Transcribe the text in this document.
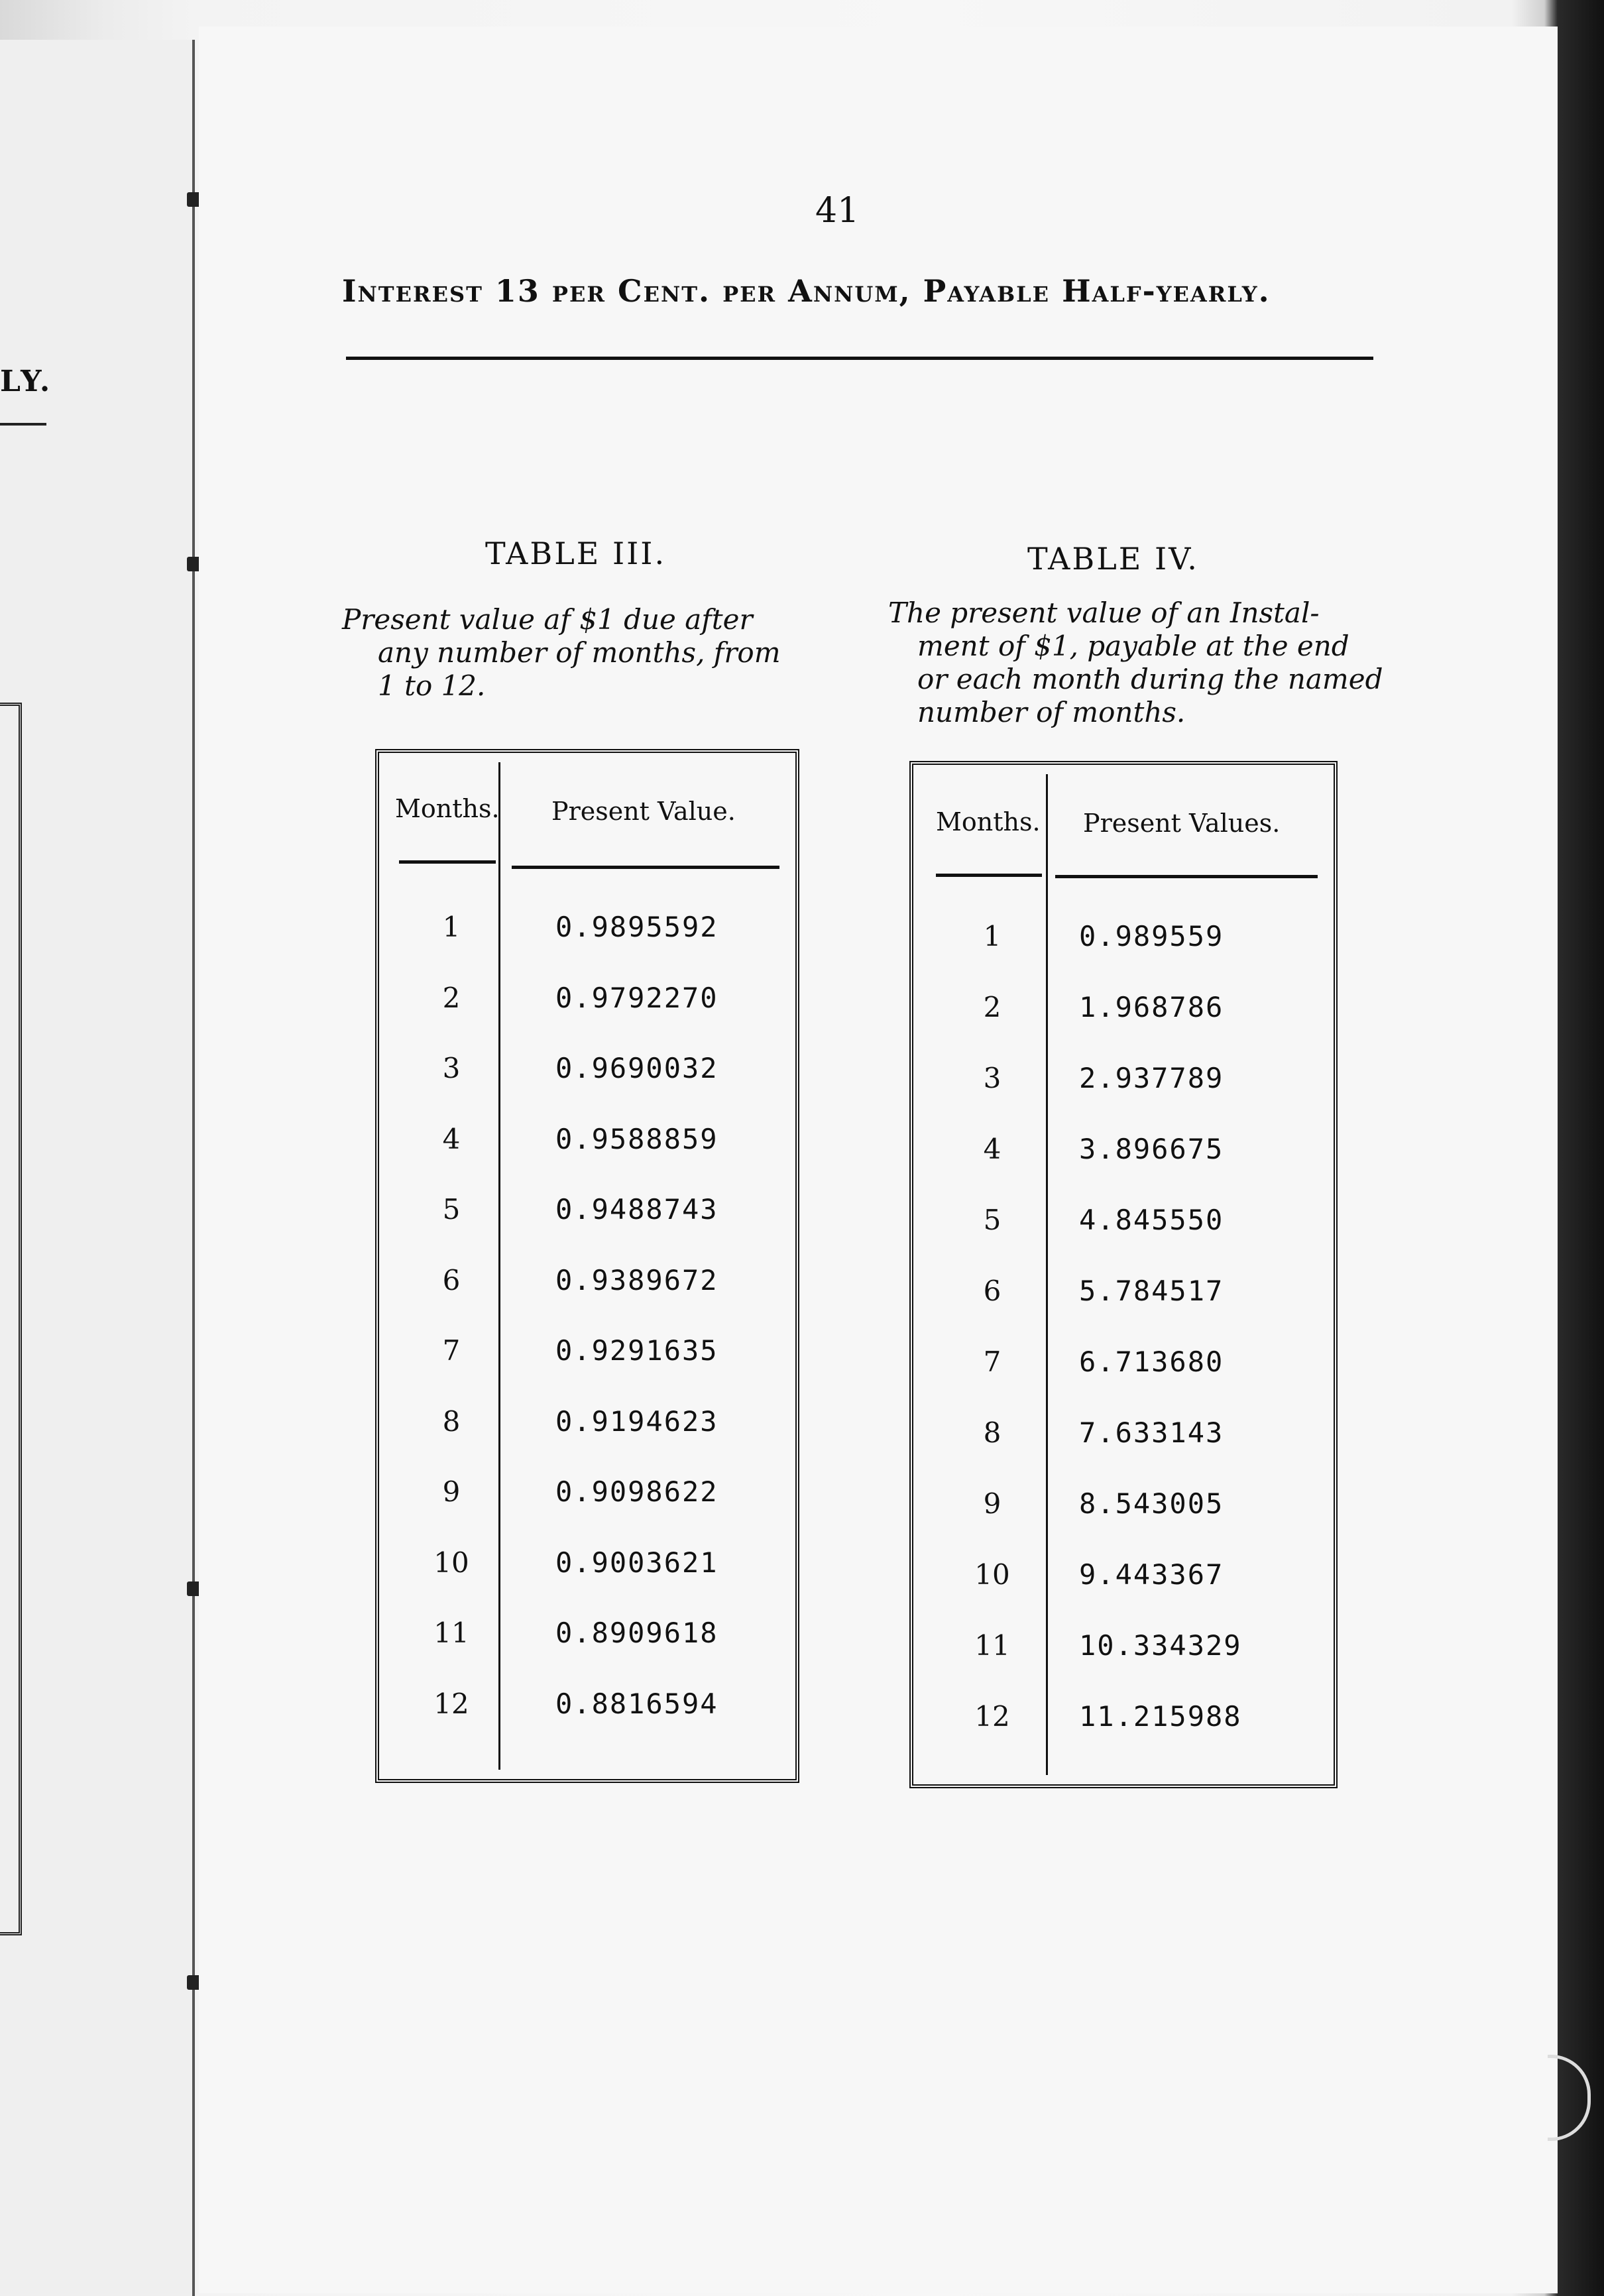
LY.
41
Interest 13 per Cent. per Annum, Payable Half-yearly.
TABLE III.
Present value af $1 due after
any number of months, from
1 to 12.
Months. Present Value.
1	0.9895592
2	0.9792270
3	0.9690032
4	0.9588859
5	0.9488743
6	0.9389672
7	0.9291635
8	0.9194623
9	0.9098622
10	0.9003621
11	0.8909618
12	0.8816594
TABLE IV.
The present value of an Instal-
ment of $1, payable at the end
or each month during the named
number of months.
Months. Present Values.
1	0.989559
2	1.968786
3	2.937789
4	3.896675
5	4.845550
6	5.784517
7	6.713680
8	7.633143
9	8.543005
10	9.443367
11	10.334329
12	11.215988
